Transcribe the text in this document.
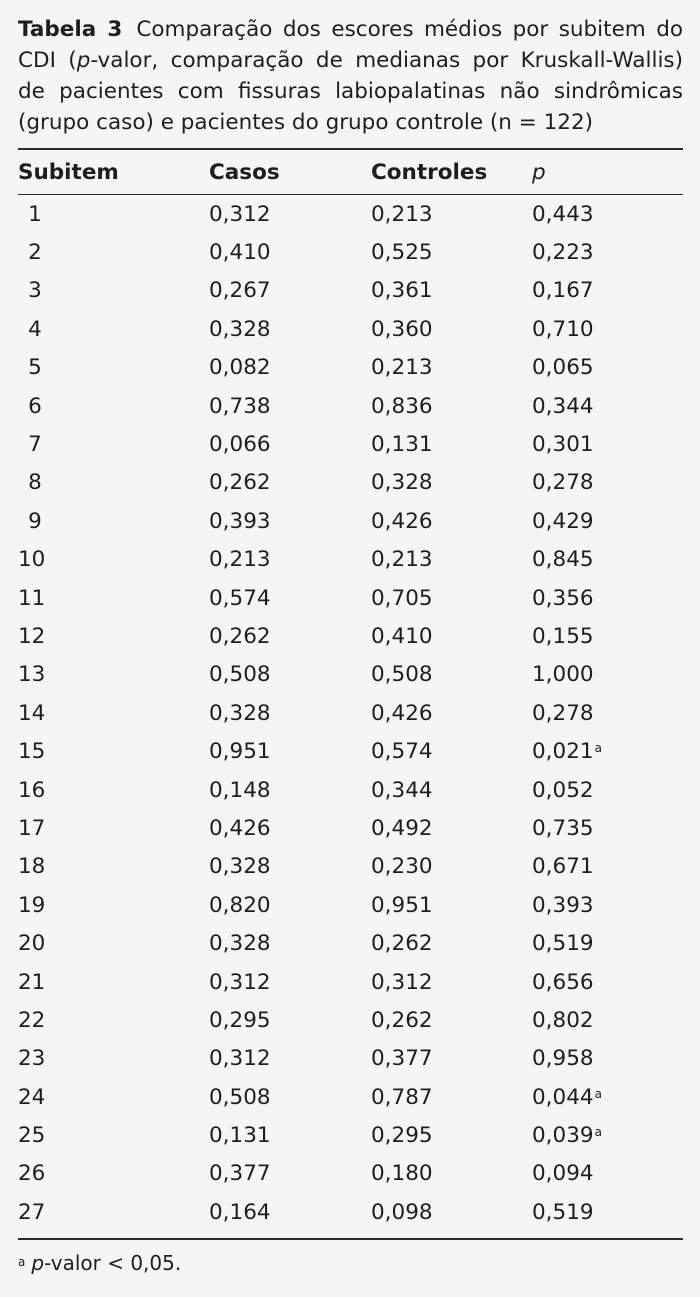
Tabela 3 Comparação dos escores médios por subitem do CDI (p-valor, comparação de medianas por Kruskall-Wallis) de pacientes com fissuras labiopalatinas não sindrômicas (grupo caso) e pacientes do grupo controle (n = 122)

Subitem	Casos	Controles	p
1	0,312	0,213	0,443
2	0,410	0,525	0,223
3	0,267	0,361	0,167
4	0,328	0,360	0,710
5	0,082	0,213	0,065
6	0,738	0,836	0,344
7	0,066	0,131	0,301
8	0,262	0,328	0,278
9	0,393	0,426	0,429
10	0,213	0,213	0,845
11	0,574	0,705	0,356
12	0,262	0,410	0,155
13	0,508	0,508	1,000
14	0,328	0,426	0,278
15	0,951	0,574	0,021$^a$
16	0,148	0,344	0,052
17	0,426	0,492	0,735
18	0,328	0,230	0,671
19	0,820	0,951	0,393
20	0,328	0,262	0,519
21	0,312	0,312	0,656
22	0,295	0,262	0,802
23	0,312	0,377	0,958
24	0,508	0,787	0,044$^a$
25	0,131	0,295	0,039$^a$
26	0,377	0,180	0,094
27	0,164	0,098	0,519
$^a$ p-valor < 0,05.
